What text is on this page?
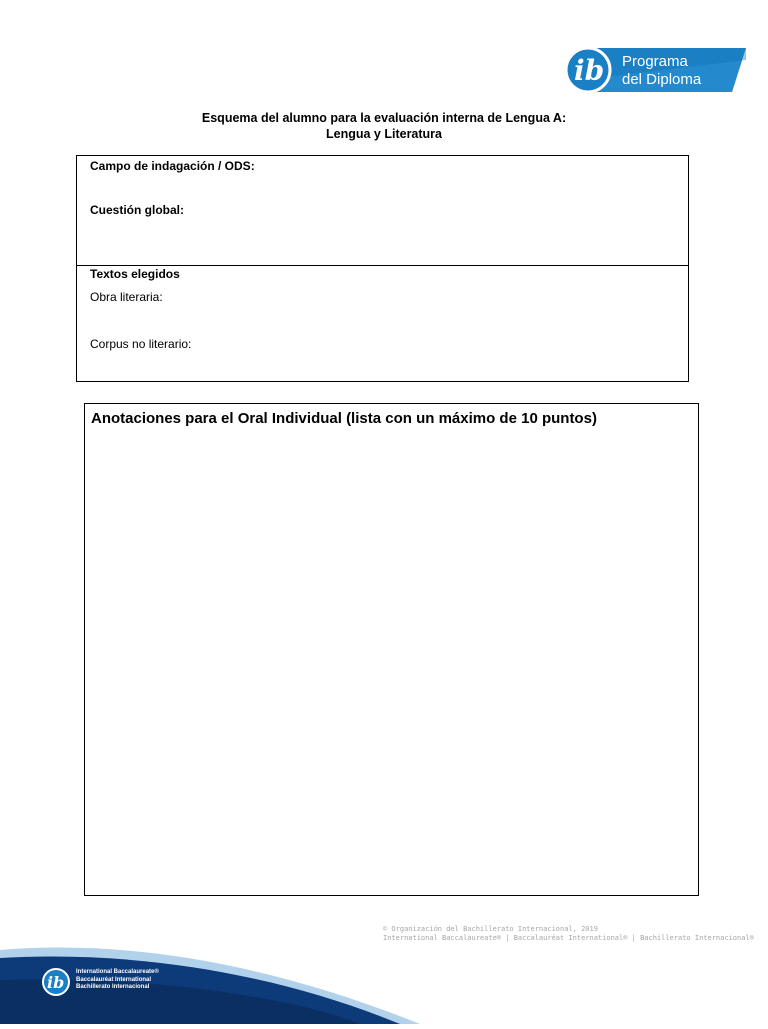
ib Programa
del Diploma
Esquema del alumno para la evaluación interna de Lengua A:
Lengua y Literatura
Campo de indagación / ODS:
Cuestión global:
Textos elegidos
Obra literaria:
Corpus no literario:
Anotaciones para el Oral Individual (lista con un máximo de 10 puntos)
© Organización del Bachillerato Internacional, 2019
International Baccalaureate® | Baccalauréat International® | Bachillerato Internacional®
ib
International Baccalaureate®
Baccalauréat International
Bachillerato Internacional
